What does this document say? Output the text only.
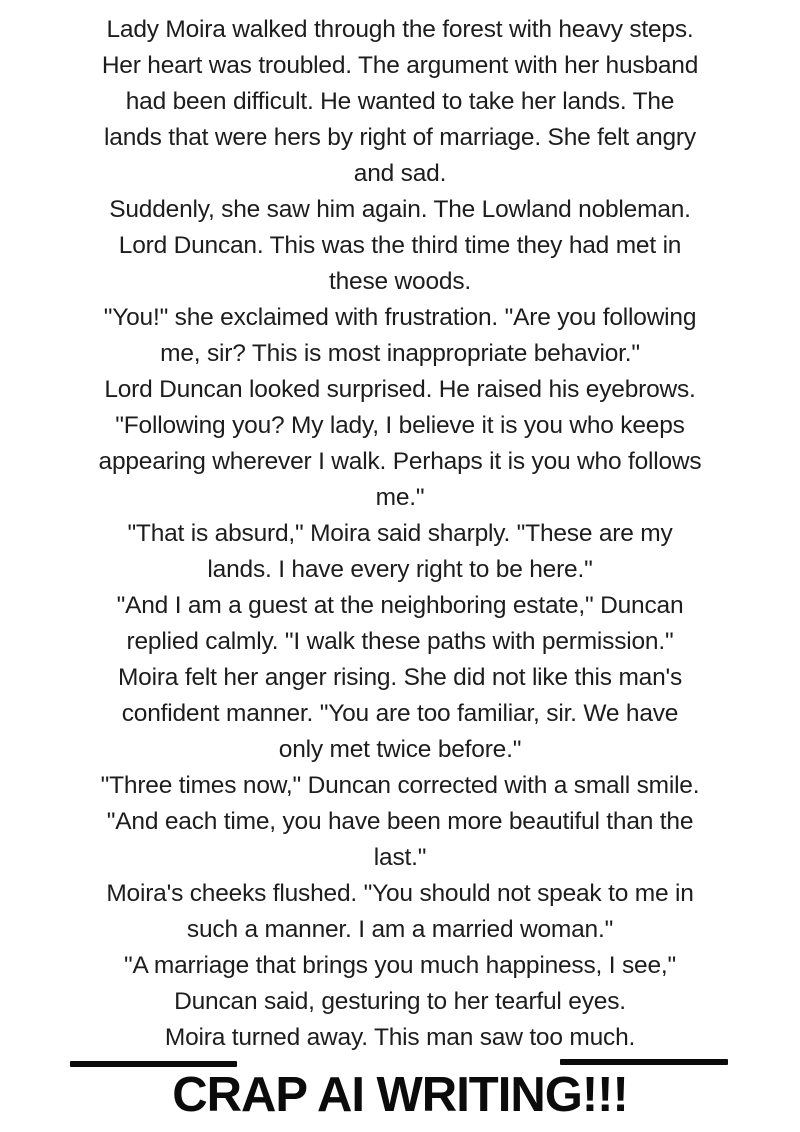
Lady Moira walked through the forest with heavy steps.
Her heart was troubled. The argument with her husband
had been difficult. He wanted to take her lands. The
lands that were hers by right of marriage. She felt angry
and sad.
Suddenly, she saw him again. The Lowland nobleman.
Lord Duncan. This was the third time they had met in
these woods.
"You!" she exclaimed with frustration. "Are you following
me, sir? This is most inappropriate behavior."
Lord Duncan looked surprised. He raised his eyebrows.
"Following you? My lady, I believe it is you who keeps
appearing wherever I walk. Perhaps it is you who follows
me."
"That is absurd," Moira said sharply. "These are my
lands. I have every right to be here."
"And I am a guest at the neighboring estate," Duncan
replied calmly. "I walk these paths with permission."
Moira felt her anger rising. She did not like this man's
confident manner. "You are too familiar, sir. We have
only met twice before."
"Three times now," Duncan corrected with a small smile.
"And each time, you have been more beautiful than the
last."
Moira's cheeks flushed. "You should not speak to me in
such a manner. I am a married woman."
"A marriage that brings you much happiness, I see,"
Duncan said, gesturing to her tearful eyes.
Moira turned away. This man saw too much.
CRAP AI WRITING!!!
